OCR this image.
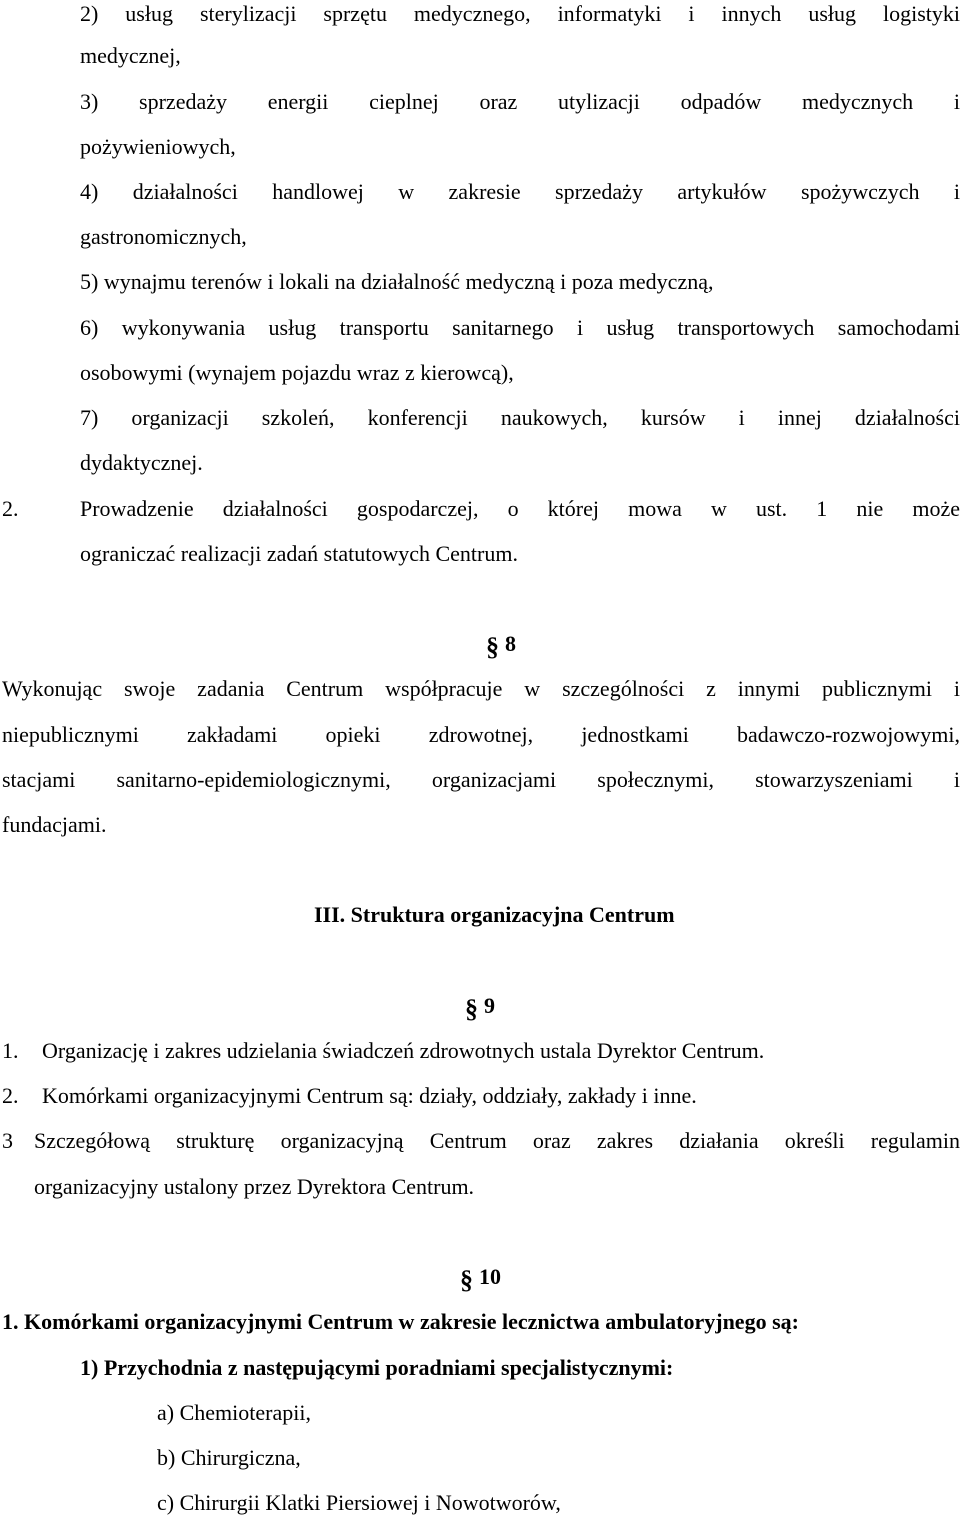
2) usług sterylizacji sprzętu medycznego, informatyki i innych usług logistyki

medycznej,

3) sprzedaży energii cieplnej oraz utylizacji odpadów medycznych i

pożywieniowych,

4) działalności handlowej w zakresie sprzedaży artykułów spożywczych i

gastronomicznych,

5) wynajmu terenów i lokali na działalność medyczną i poza medyczną,

6) wykonywania usług transportu sanitarnego i usług transportowych samochodami

osobowymi (wynajem pojazdu wraz z kierowcą),

7) organizacji szkoleń, konferencji naukowych, kursów i innej działalności

dydaktycznej.

2.	Prowadzenie działalności gospodarczej, o której mowa w ust. 1 nie może

ograniczać realizacji zadań statutowych Centrum.

§ 8

Wykonując swoje zadania Centrum współpracuje w szczególności z innymi publicznymi i

niepublicznymi zakładami opieki zdrowotnej, jednostkami badawczo-rozwojowymi,

stacjami sanitarno-epidemiologicznymi, organizacjami społecznymi, stowarzyszeniami i

fundacjami.

III. Struktura organizacyjna Centrum

§ 9

1. Organizację i zakres udzielania świadczeń zdrowotnych ustala Dyrektor Centrum.

2. Komórkami organizacyjnymi Centrum są: działy, oddziały, zakłady i inne.

3 Szczegółową strukturę organizacyjną Centrum oraz zakres działania określi regulamin

organizacyjny ustalony przez Dyrektora Centrum.

§ 10

1. Komórkami organizacyjnymi Centrum w zakresie lecznictwa ambulatoryjnego są:

1) Przychodnia z następującymi poradniami specjalistycznymi:

a) Chemioterapii,

b) Chirurgiczna,

c) Chirurgii Klatki Piersiowej i Nowotworów,
